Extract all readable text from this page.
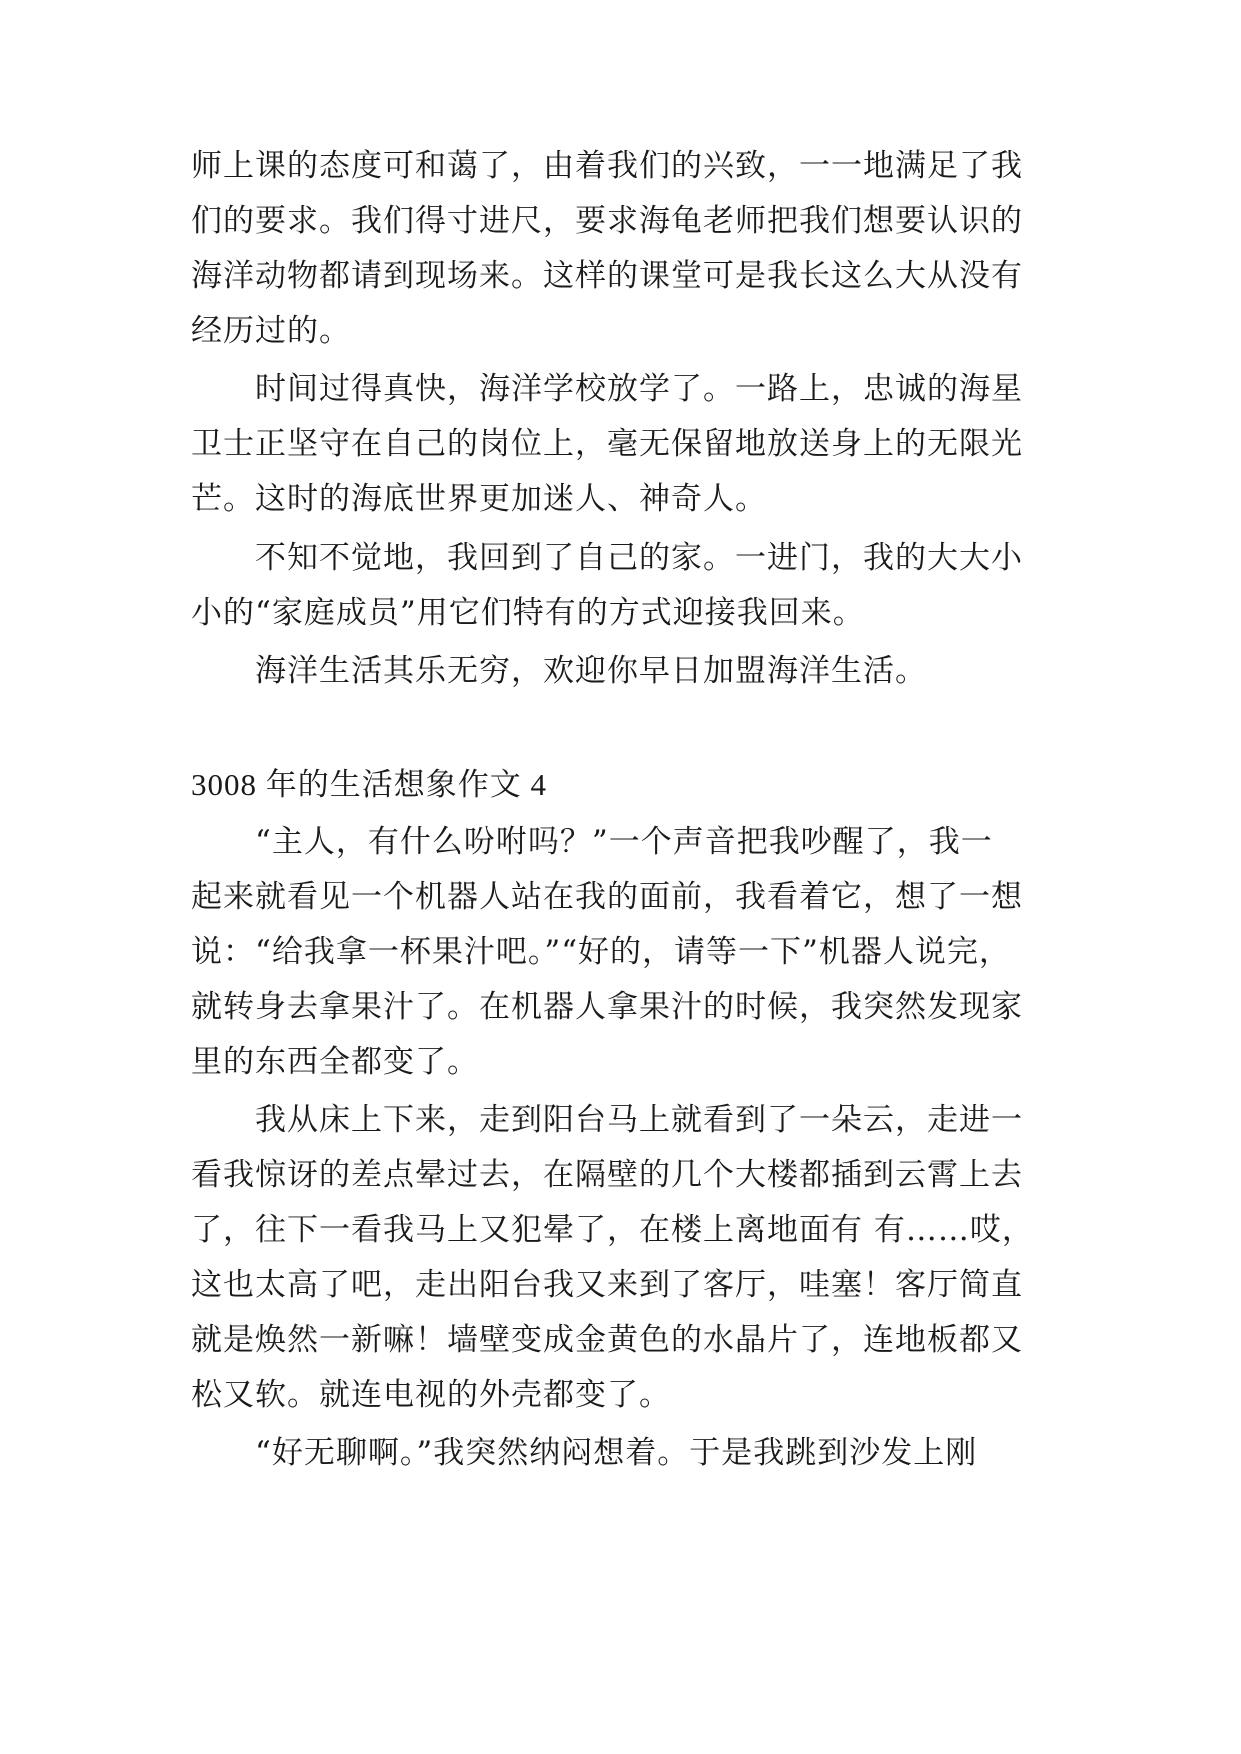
师上课的态度可和蔼了，由着我们的兴致，一一地满足了我
们的要求。我们得寸进尺，要求海龟老师把我们想要认识的
海洋动物都请到现场来。这样的课堂可是我长这么大从没有
经历过的。
　　时间过得真快，海洋学校放学了。一路上，忠诚的海星
卫士正坚守在自己的岗位上，毫无保留地放送身上的无限光
芒。这时的海底世界更加迷人、神奇人。
　　不知不觉地，我回到了自己的家。一进门，我的大大小
小的“家庭成员”用它们特有的方式迎接我回来。
　　海洋生活其乐无穷，欢迎你早日加盟海洋生活。
3008 年的生活想象作文 4
　　“主人，有什么吩咐吗？”一个声音把我吵醒了，我一
起来就看见一个机器人站在我的面前，我看着它，想了一想
说：“给我拿一杯果汁吧。”“好的，请等一下”机器人说完，
就转身去拿果汁了。在机器人拿果汁的时候，我突然发现家
里的东西全都变了。
　　我从床上下来，走到阳台马上就看到了一朵云，走进一
看我惊讶的差点晕过去，在隔壁的几个大楼都插到云霄上去
了，往下一看我马上又犯晕了，在楼上离地面有 有……哎，
这也太高了吧，走出阳台我又来到了客厅，哇塞！客厅简直
就是焕然一新嘛！墙壁变成金黄色的水晶片了，连地板都又
松又软。就连电视的外壳都变了。
　　“好无聊啊。”我突然纳闷想着。于是我跳到沙发上刚
